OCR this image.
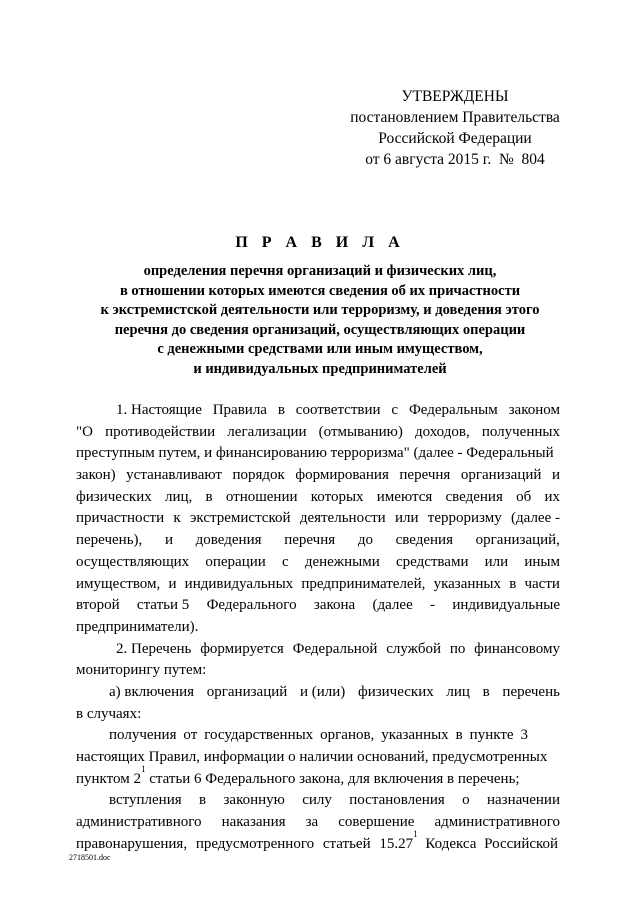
УТВЕРЖДЕНЫ
постановлением Правительства
Российской Федерации
от 6 августа 2015 г.  №  804
П Р А В И Л А
определения перечня организаций и физических лиц,
в отношении которых имеются сведения об их причастности
к экстремистской деятельности или терроризму, и доведения этого
перечня до сведения организаций, осуществляющих операции
с денежными средствами или иным имуществом,
и индивидуальных предпринимателей
1. Настоящие Правила в соответствии с Федеральным законом
"О противодействии легализации (отмыванию) доходов, полученных
преступным путем, и финансированию терроризма" (далее - Федеральный
закон) устанавливают порядок формирования перечня организаций и
физических лиц, в отношении которых имеются сведения об их
причастности к экстремистской деятельности или терроризму (далее -
перечень), и доведения перечня до сведения организаций,
осуществляющих операции с денежными средствами или иным
имуществом, и индивидуальных предпринимателей, указанных в части
второй статьи 5 Федерального закона (далее - индивидуальные
предприниматели).
2. Перечень формируется Федеральной службой по финансовому
мониторингу путем:
а) включения организаций и (или) физических лиц в перечень
в случаях:
получения от государственных органов, указанных в пункте 3
настоящих Правил, информации о наличии оснований, предусмотренных
пунктом 2
1
статьи 6 Федерального закона, для включения в перечень;
вступления в законную силу постановления о назначении
административного наказания за совершение административного
правонарушения, предусмотренного статьей 15.27
1
Кодекса Российской
2718501.doc
